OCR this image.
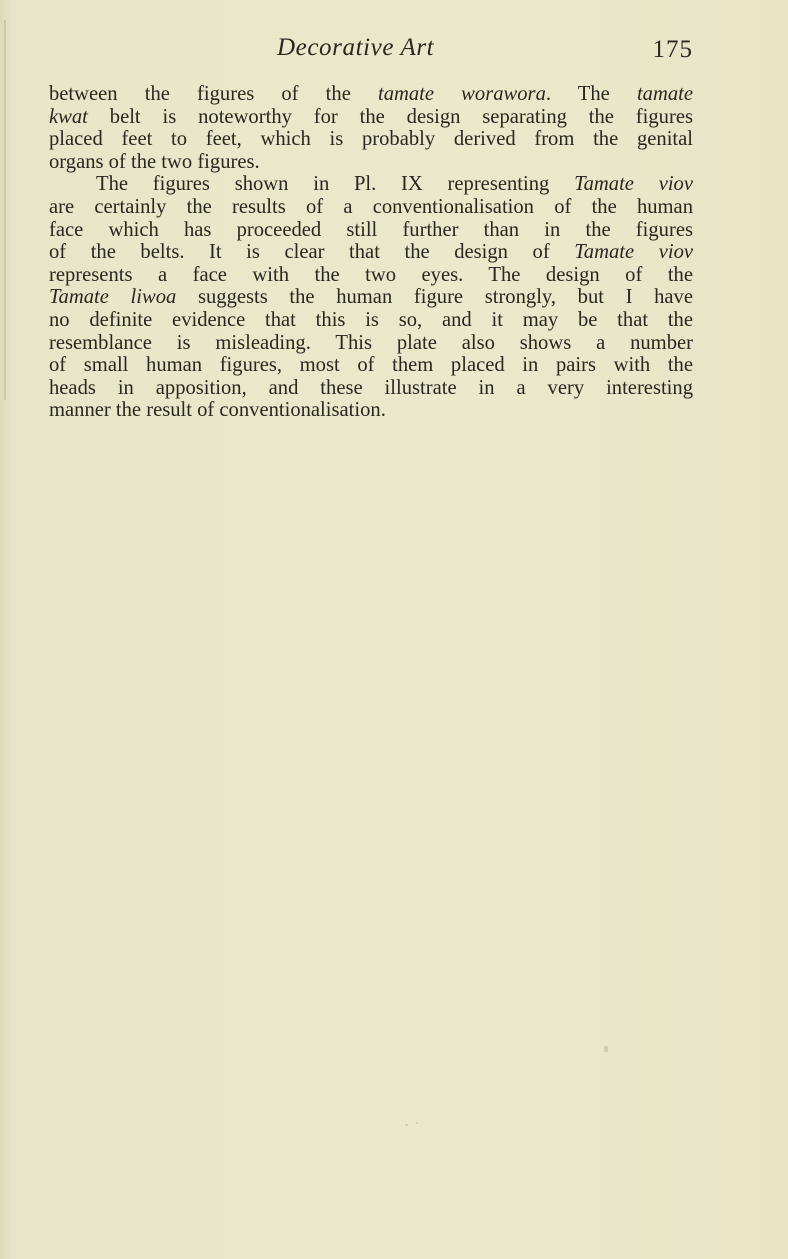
Decorative Art	175
between the figures of the tamate worawora. The tamate
kwat belt is noteworthy for the design separating the figures
placed feet to feet, which is probably derived from the genital
organs of the two figures.
The figures shown in Pl. IX representing Tamate viov
are certainly the results of a conventionalisation of the human
face which has proceeded still further than in the figures
of the belts. It is clear that the design of Tamate viov
represents a face with the two eyes. The design of the
Tamate liwoa suggests the human figure strongly, but I have
no definite evidence that this is so, and it may be that the
resemblance is misleading. This plate also shows a number
of small human figures, most of them placed in pairs with the
heads in apposition, and these illustrate in a very interesting
manner the result of conventionalisation.
